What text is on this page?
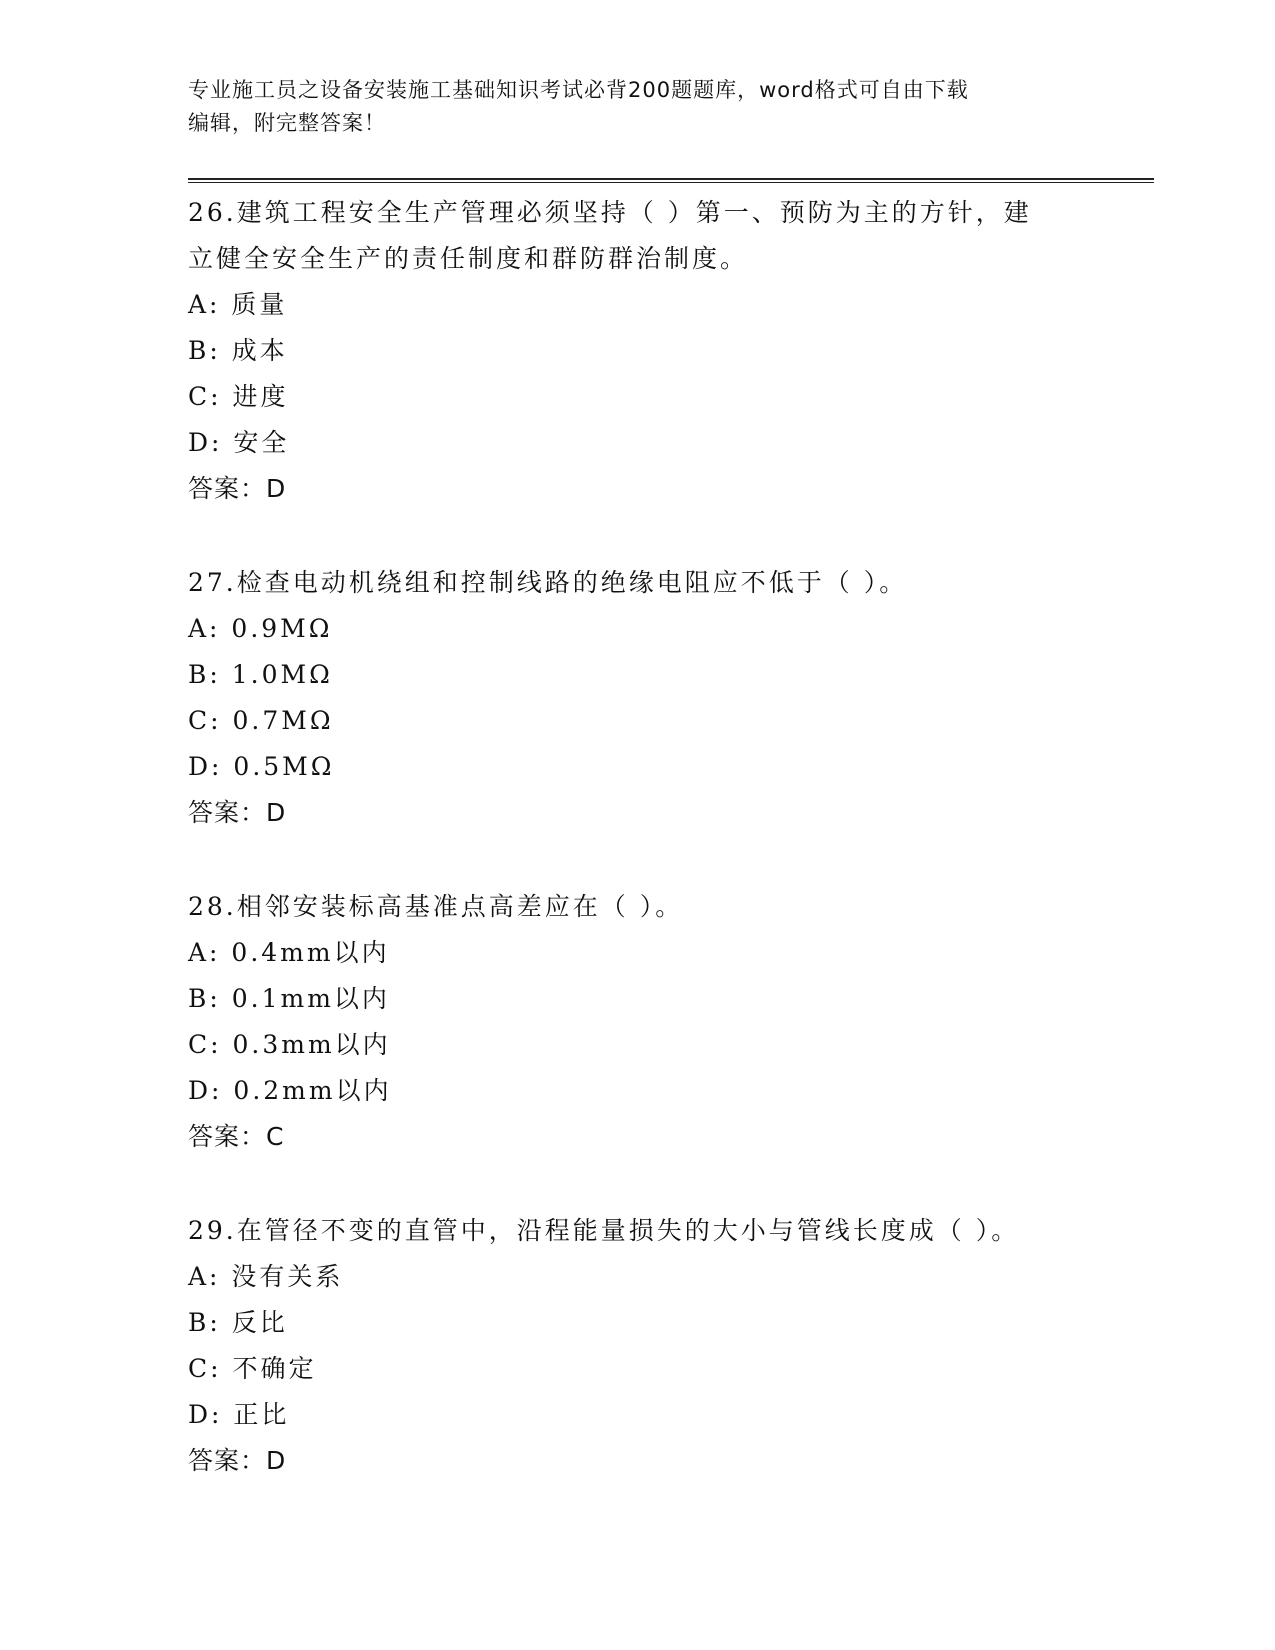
专业施工员之设备安装施工基础知识考试必背200题题库，word格式可自由下载
编辑，附完整答案！
26.建筑工程安全生产管理必须坚持（ ）第一、预防为主的方针，建
立健全安全生产的责任制度和群防群治制度。
A: 质量
B: 成本
C: 进度
D: 安全
答案：D
27.检查电动机绕组和控制线路的绝缘电阻应不低于（ ）。
A: 0.9MΩ
B: 1.0MΩ
C: 0.7MΩ
D: 0.5MΩ
答案：D
28.相邻安装标高基准点高差应在（ ）。
A: 0.4mm以内
B: 0.1mm以内
C: 0.3mm以内
D: 0.2mm以内
答案：C
29.在管径不变的直管中，沿程能量损失的大小与管线长度成（ ）。
A: 没有关系
B: 反比
C: 不确定
D: 正比
答案：D
